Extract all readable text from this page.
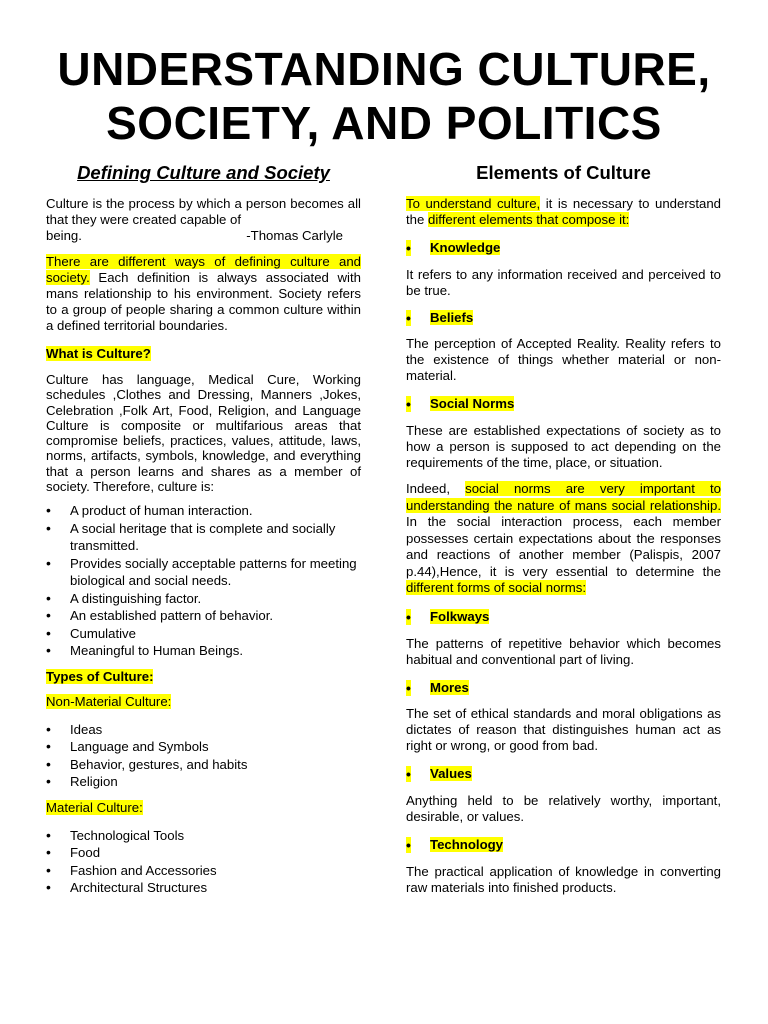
UNDERSTANDING CULTURE,
SOCIETY, AND POLITICS
Defining Culture and Society

Culture is the process by which a person becomes all that they were created capable of

being.	-Thomas Carlyle

There are different ways of defining culture and society. Each definition is always associated with mans relationship to his environment. Society refers to a group of people sharing a common culture within a defined territorial boundaries.

What is Culture?

Culture has language, Medical Cure, Working schedules ,Clothes and Dressing, Manners ,Jokes, Celebration ,Folk Art, Food, Religion, and Language Culture is composite or multifarious areas that compromise beliefs, practices, values, attitude, laws, norms, artifacts, symbols, knowledge, and everything that a person learns and shares as a member of society. Therefore, culture is:

• A product of human interaction.
• A social heritage that is complete and socially transmitted.
• Provides socially acceptable patterns for meeting biological and social needs.
• A distinguishing factor.
• An established pattern of behavior.
• Cumulative
• Meaningful to Human Beings.

Types of Culture:

Non-Material Culture:

• Ideas
• Language and Symbols
• Behavior, gestures, and habits
• Religion

Material Culture:

• Technological Tools
• Food
• Fashion and Accessories
• Architectural Structures
Elements of Culture

To understand culture, it is necessary to understand the different elements that compose it:

• Knowledge

It refers to any information received and perceived to be true.

• Beliefs

The perception of Accepted Reality. Reality refers to the existence of things whether material or non-material.

• Social Norms

These are established expectations of society as to how a person is supposed to act depending on the requirements of the time, place, or situation.

Indeed, social norms are very important to understanding the nature of mans social relationship. In the social interaction process, each member possesses certain expectations about the responses and reactions of another member (Palispis, 2007 p.44),Hence, it is very essential to determine the different forms of social norms:

• Folkways

The patterns of repetitive behavior which becomes habitual and conventional part of living.

• Mores

The set of ethical standards and moral obligations as dictates of reason that distinguishes human act as right or wrong, or good from bad.

• Values

Anything held to be relatively worthy, important, desirable, or values.

• Technology

The practical application of knowledge in converting raw materials into finished products.
